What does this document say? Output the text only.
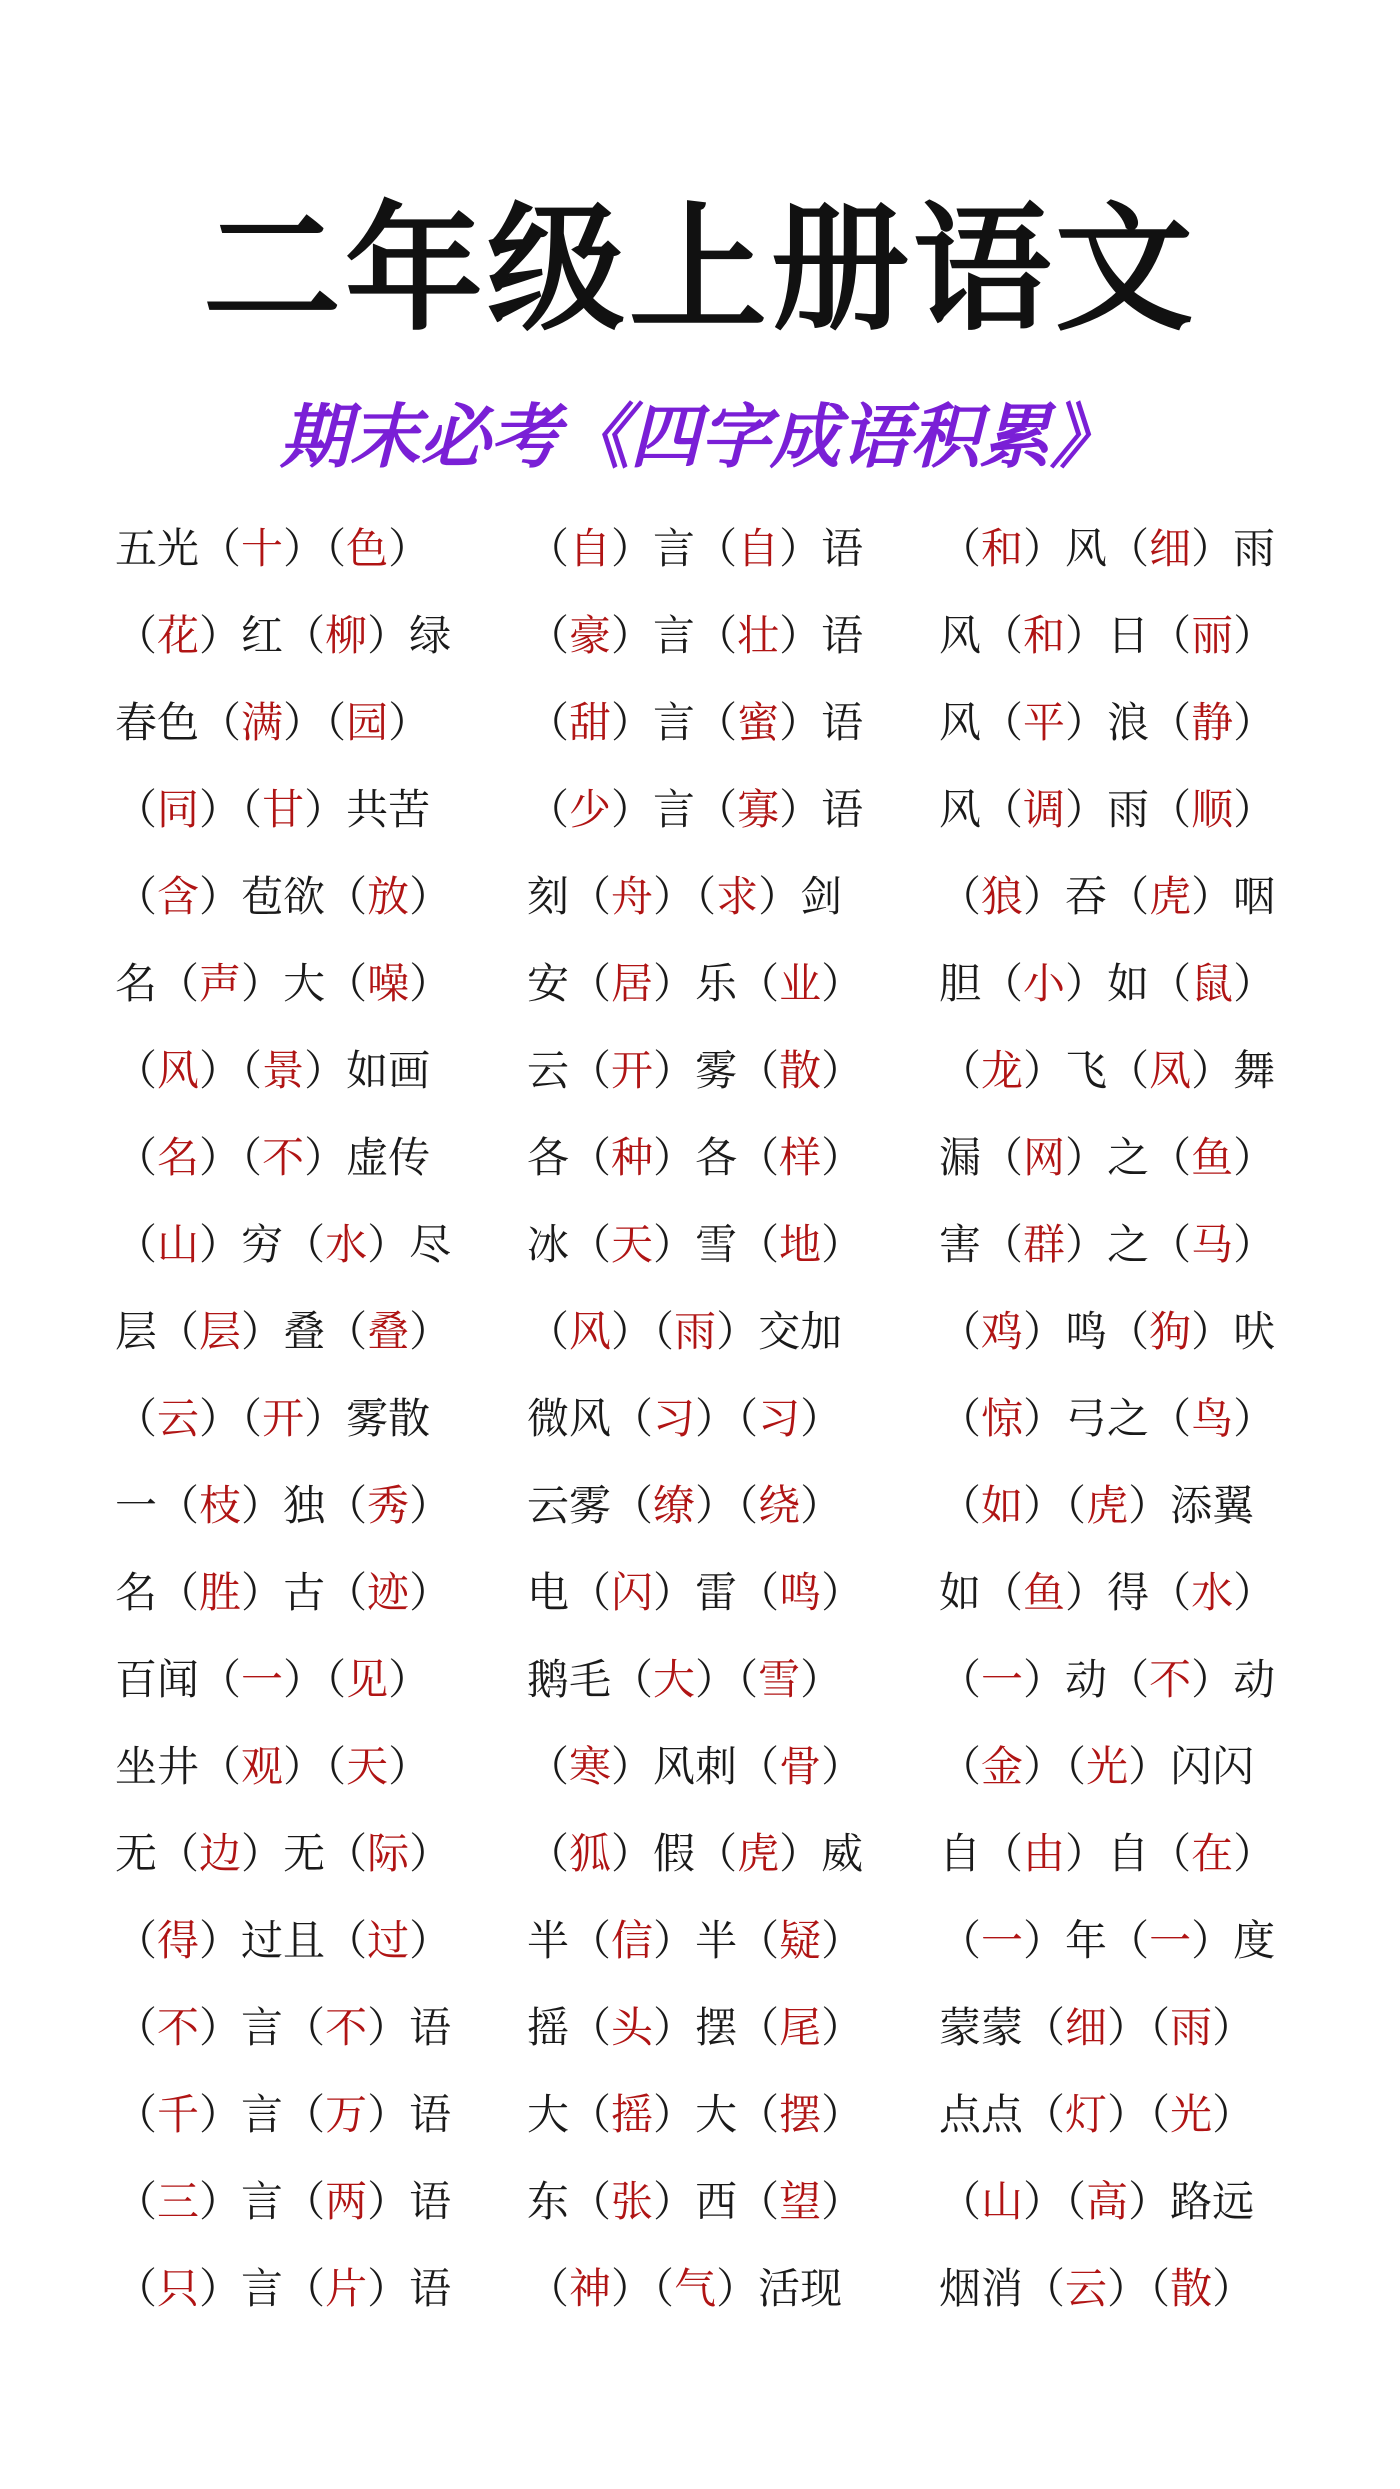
二年级上册语文
期末必考《四字成语积累》
五光（十）（色）	（自）言（自）语	（和）风（细）雨
（花）红（柳）绿	（豪）言（壮）语	风（和）日（丽）
春色（满）（园）	（甜）言（蜜）语	风（平）浪（静）
（同）（甘）共苦	（少）言（寡）语	风（调）雨（顺）
（含）苞欲（放）	刻（舟）（求）剑	（狼）吞（虎）咽
名（声）大（噪）	安（居）乐（业）	胆（小）如（鼠）
（风）（景）如画	云（开）雾（散）	（龙）飞（凤）舞
（名）（不）虚传	各（种）各（样）	漏（网）之（鱼）
（山）穷（水）尽	冰（天）雪（地）	害（群）之（马）
层（层）叠（叠）	（风）（雨）交加	（鸡）鸣（狗）吠
（云）（开）雾散	微风（习）（习）	（惊）弓之（鸟）
一（枝）独（秀）	云雾（缭）（绕）	（如）（虎）添翼
名（胜）古（迹）	电（闪）雷（鸣）	如（鱼）得（水）
百闻（一）（见）	鹅毛（大）（雪）	（一）动（不）动
坐井（观）（天）	（寒）风刺（骨）	（金）（光）闪闪
无（边）无（际）	（狐）假（虎）威	自（由）自（在）
（得）过且（过）	半（信）半（疑）	（一）年（一）度
（不）言（不）语	摇（头）摆（尾）	蒙蒙（细）（雨）
（千）言（万）语	大（摇）大（摆）	点点（灯）（光）
（三）言（两）语	东（张）西（望）	（山）（高）路远
（只）言（片）语	（神）（气）活现	烟消（云）（散）
